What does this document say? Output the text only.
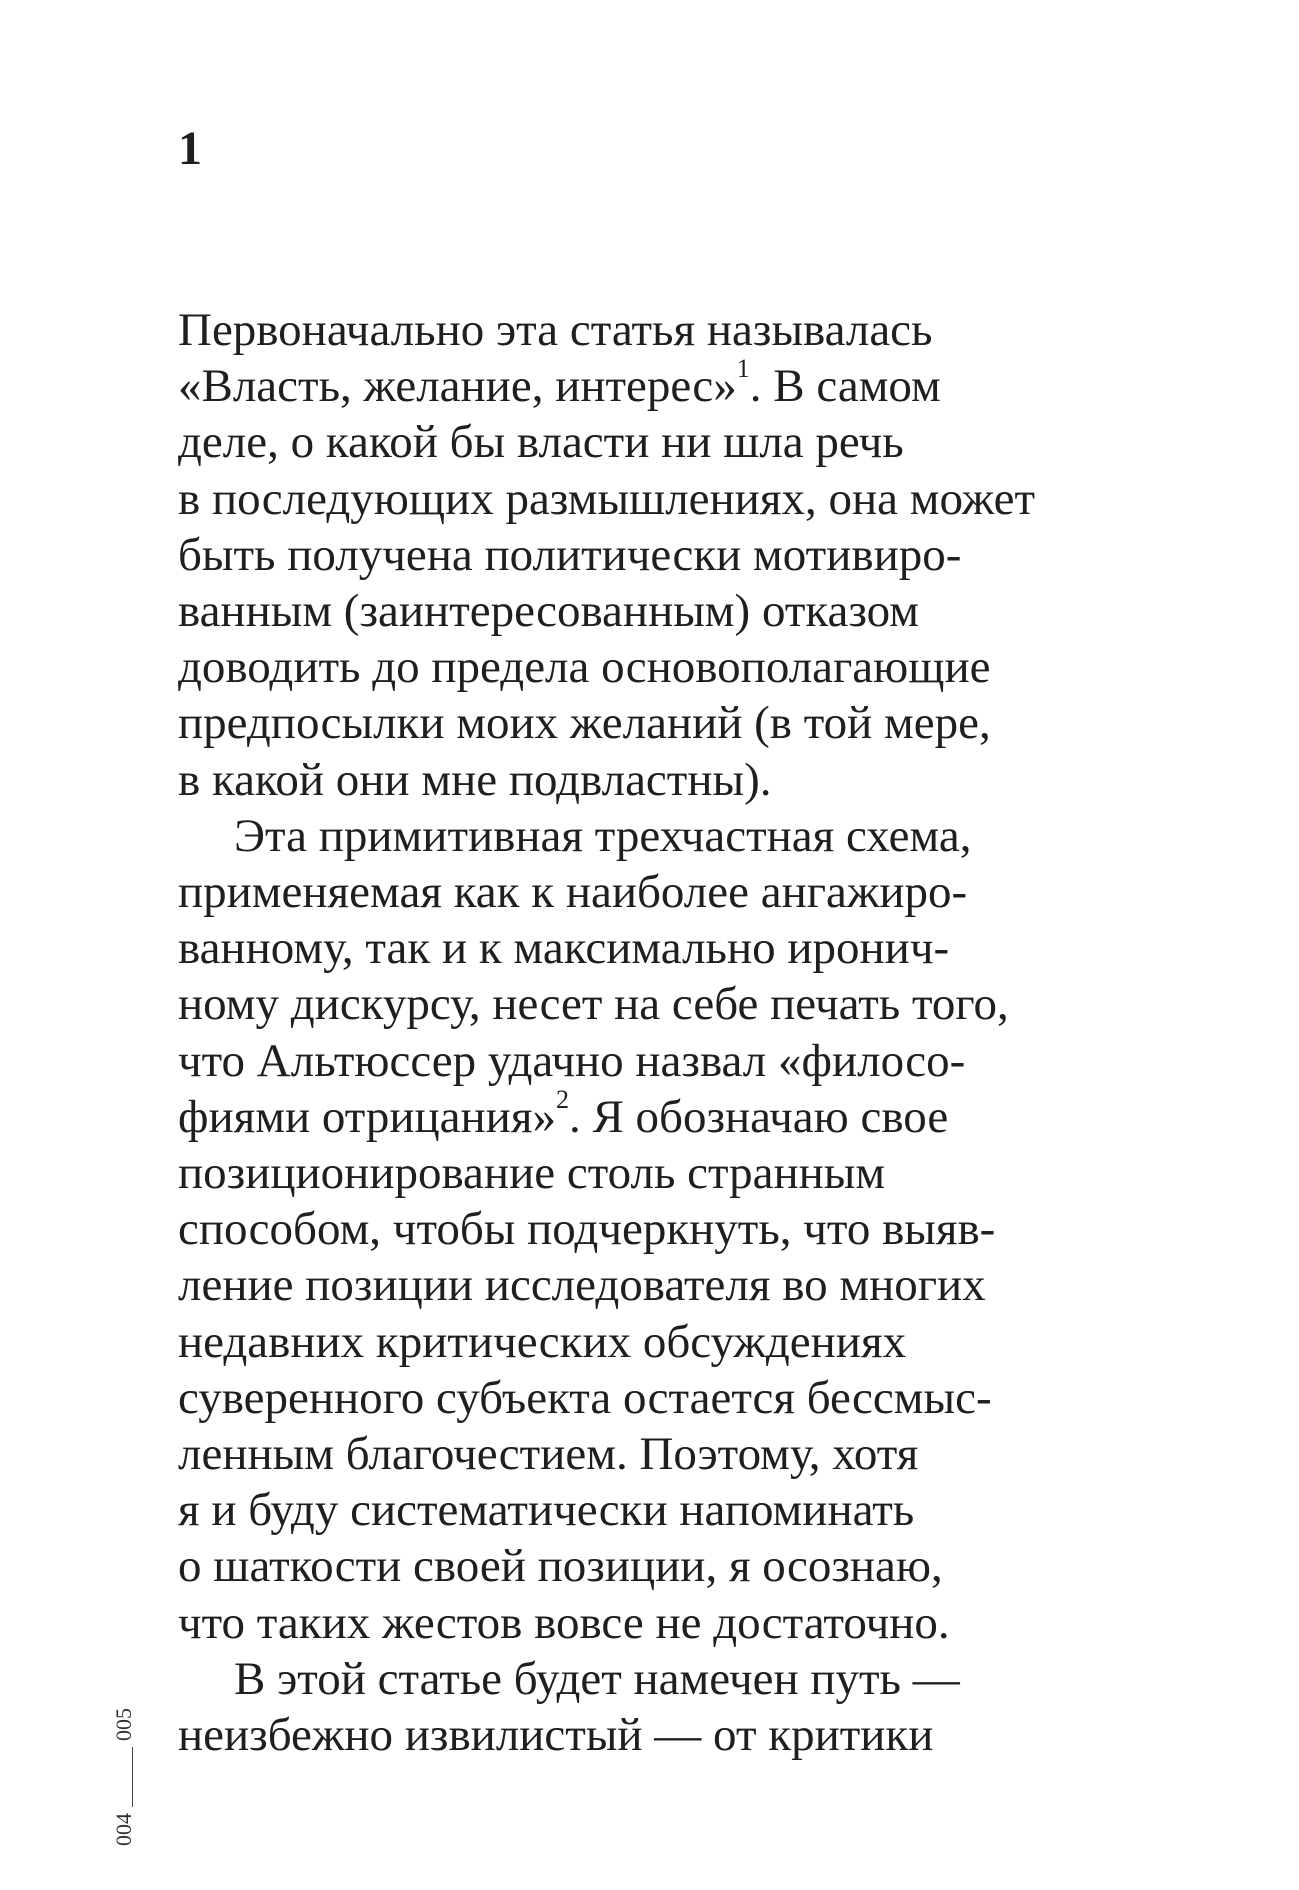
1

Первоначально эта статья называлась
«Власть, желание, интерес»$^1$. В самом
деле, о какой бы власти ни шла речь
в последующих размышлениях, она может
быть получена политически мотивиро-
ванным (заинтересованным) отказом
доводить до предела основополагающие
предпосылки моих желаний (в той мере,
в какой они мне подвластны).

Эта примитивная трехчастная схема,
применяемая как к наиболее ангажиро-
ванному, так и к максимально иронич-
ному дискурсу, несет на себе печать того,
что Альтюссер удачно назвал «филосо-
фиями отрицания»$^2$. Я обозначаю свое
позиционирование столь странным
способом, чтобы подчеркнуть, что выяв-
ление позиции исследователя во многих
недавних критических обсуждениях
суверенного субъекта остается бессмыс-
ленным благочестием. Поэтому, хотя
я и буду систематически напоминать
о шаткости своей позиции, я осознаю,
что таких жестов вовсе не достаточно.

В этой статье будет намечен путь —
неизбежно извилистый — от критики

004
005
